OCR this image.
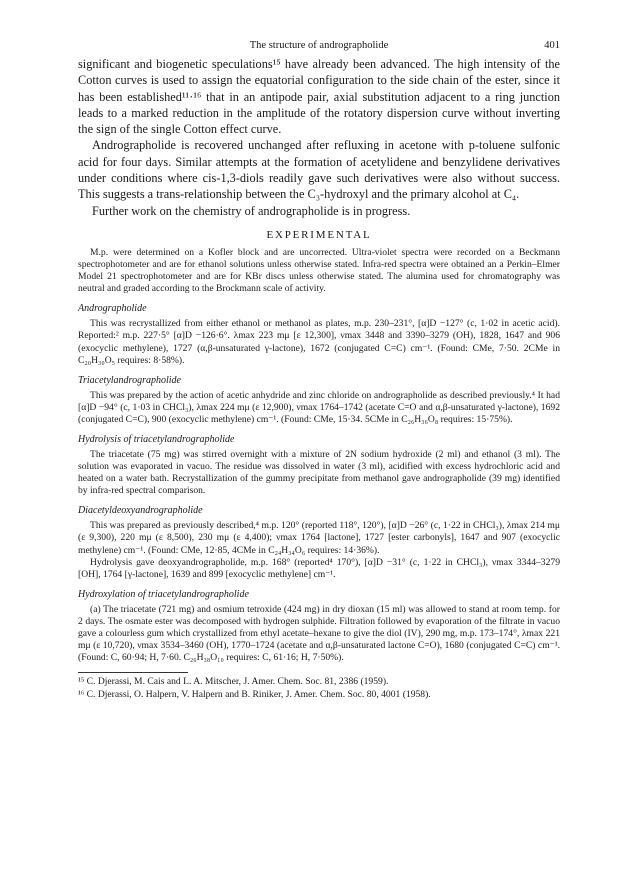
The structure of andrographolide	401

significant and biogenetic speculations¹⁵ have already been advanced. The high intensity of the Cotton curves is used to assign the equatorial configuration to the side chain of the ester, since it has been established¹¹·¹⁶ that in an antipode pair, axial substitution adjacent to a ring junction leads to a marked reduction in the amplitude of the rotatory dispersion curve without inverting the sign of the single Cotton effect curve.

Andrographolide is recovered unchanged after refluxing in acetone with p-toluene sulfonic acid for four days. Similar attempts at the formation of acetylidene and benzylidene derivatives under conditions where cis-1,3-diols readily gave such derivatives were also without success. This suggests a trans-relationship between the C₃-hydroxyl and the primary alcohol at C₄.

Further work on the chemistry of andrographolide is in progress.

EXPERIMENTAL

M.p. were determined on a Kofler block and are uncorrected. Ultra-violet spectra were recorded on a Beckmann spectrophotometer and are for ethanol solutions unless otherwise stated. Infra-red spectra were obtained an a Perkin–Elmer Model 21 spectrophotometer and are for KBr discs unless otherwise stated. The alumina used for chromatography was neutral and graded according to the Brockmann scale of activity.

Andrographolide

This was recrystallized from either ethanol or methanol as plates, m.p. 230–231°, [α]D −127° (c, 1·02 in acetic acid). Reported:² m.p. 227·5° [α]D −126·6°. λmax 223 mμ [ε 12,300], νmax 3448 and 3390–3279 (OH), 1828, 1647 and 906 (exocyclic methylene), 1727 (α,β-unsaturated γ-lactone), 1672 (conjugated C=C) cm⁻¹. (Found: CMe, 7·50. 2CMe in C₂₀H₃₀O₅ requires: 8·58%).

Triacetylandrographolide

This was prepared by the action of acetic anhydride and zinc chloride on andrographolide as described previously.⁴ It had [α]D −94° (c, 1·03 in CHCl₃), λmax 224 mμ (ε 12,900), νmax 1764–1742 (acetate C=O and α,β-unsaturated γ-lactone), 1692 (conjugated C=C), 900 (exocyclic methylene) cm⁻¹. (Found: CMe, 15·34. 5CMe in C₂₆H₃₆O₈ requires: 15·75%).

Hydrolysis of triacetylandrographolide

The triacetate (75 mg) was stirred overnight with a mixture of 2N sodium hydroxide (2 ml) and ethanol (3 ml). The solution was evaporated in vacuo. The residue was dissolved in water (3 ml), acidified with excess hydrochloric acid and heated on a water bath. Recrystallization of the gummy precipitate from methanol gave andrographolide (39 mg) identified by infra-red spectral comparison.

Diacetyldeoxyandrographolide

This was prepared as previously described,⁴ m.p. 120° (reported 118°, 120°), [α]D −26° (c, 1·22 in CHCl₃), λmax 214 mμ (ε 9,300), 220 mμ (ε 8,500), 230 mμ (ε 4,400); νmax 1764 [lactone], 1727 [ester carbonyls], 1647 and 907 (exocyclic methylene) cm⁻¹. (Found: CMe, 12·85, 4CMe in C₂₄H₃₄O₆ requires: 14·36%).

Hydrolysis gave deoxyandrographolide, m.p. 168° (reported⁴ 170°), [α]D −31° (c, 1·22 in CHCl₃), νmax 3344–3279 [OH], 1764 [γ-lactone], 1639 and 899 [exocyclic methylene] cm⁻¹.

Hydroxylation of triacetylandrographolide

(a) The triacetate (721 mg) and osmium tetroxide (424 mg) in dry dioxan (15 ml) was allowed to stand at room temp. for 2 days. The osmate ester was decomposed with hydrogen sulphide. Filtration followed by evaporation of the filtrate in vacuo gave a colourless gum which crystallized from ethyl acetate–hexane to give the diol (IV), 290 mg, m.p. 173–174°, λmax 221 mμ (ε 10,720), νmax 3534–3460 (OH), 1770–1724 (acetate and α,β-unsaturated lactone C=O), 1680 (conjugated C=C) cm⁻¹. (Found: C, 60·94; H, 7·60. C₂₆H₃₈O₁₀ requires: C, 61·16; H, 7·50%).

¹⁵ C. Djerassi, M. Cais and L. A. Mitscher, J. Amer. Chem. Soc. 81, 2386 (1959).

¹⁶ C. Djerassi, O. Halpern, V. Halpern and B. Riniker, J. Amer. Chem. Soc. 80, 4001 (1958).
